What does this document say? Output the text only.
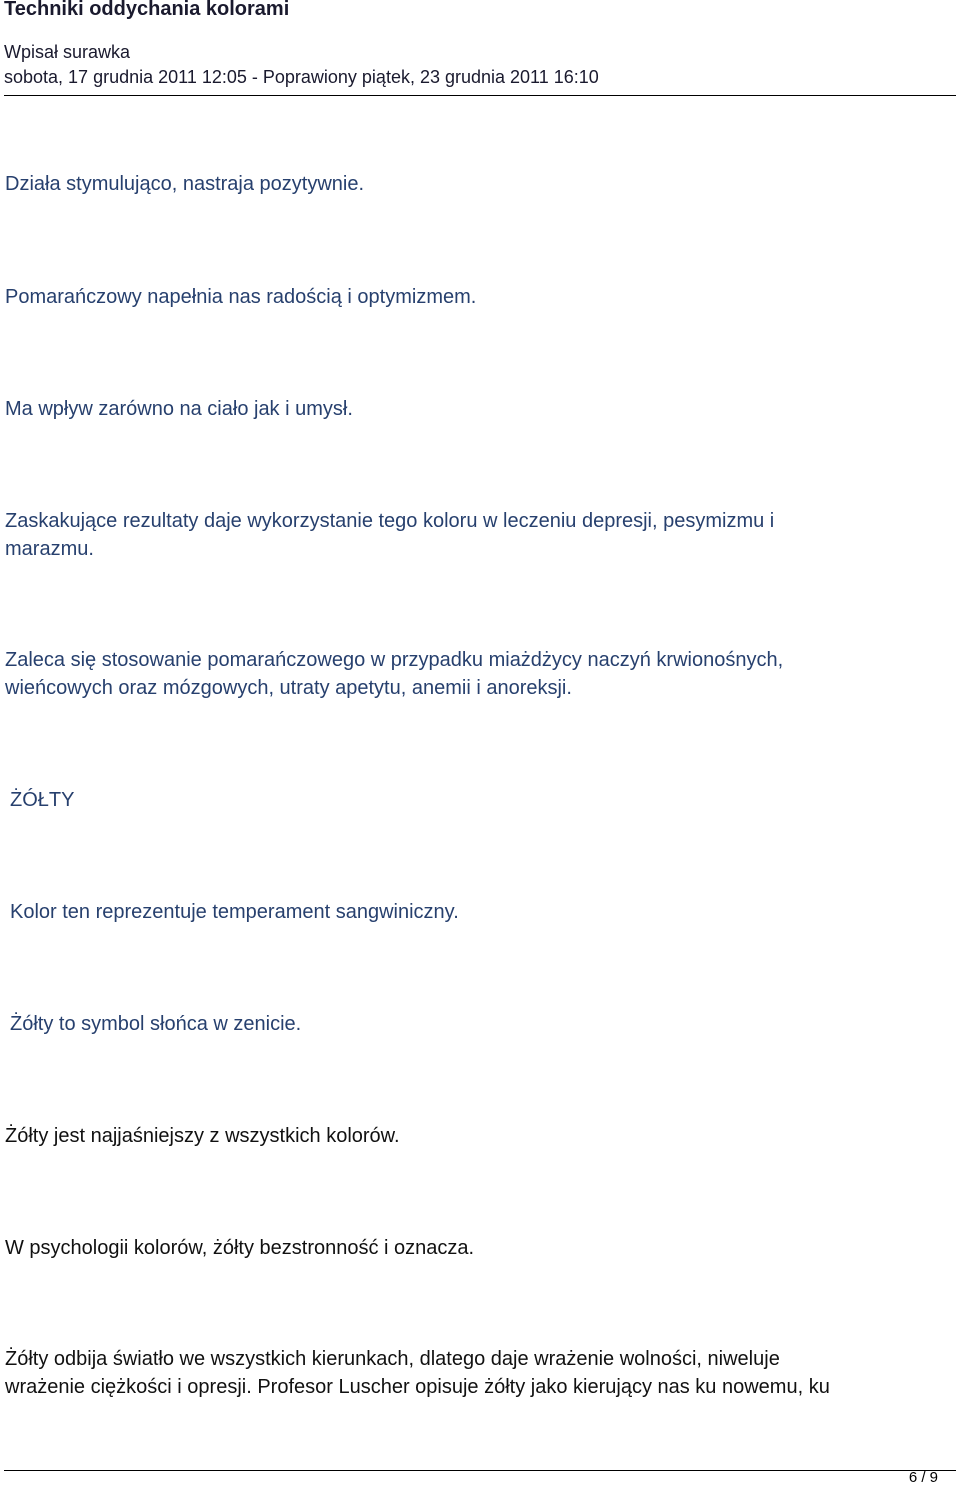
Techniki oddychania kolorami
Wpisał surawka
sobota, 17 grudnia 2011 12:05 - Poprawiony piątek, 23 grudnia 2011 16:10
Działa stymulująco, nastraja pozytywnie.
Pomarańczowy napełnia nas radością i optymizmem.
Ma wpływ zarówno na ciało jak i umysł.
Zaskakujące rezultaty daje wykorzystanie tego koloru w leczeniu depresji, pesymizmu i
marazmu.
Zaleca się stosowanie pomarańczowego w przypadku miażdżycy naczyń krwionośnych,
wieńcowych oraz mózgowych, utraty apetytu, anemii i anoreksji.
ŻÓŁTY
Kolor ten reprezentuje temperament sangwiniczny.
Żółty to symbol słońca w zenicie.
Żółty jest najjaśniejszy z wszystkich kolorów.
W psychologii kolorów, żółty bezstronność i oznacza.
Żółty odbija światło we wszystkich kierunkach, dlatego daje wrażenie wolności, niweluje
wrażenie ciężkości i opresji. Profesor Luscher opisuje żółty jako kierujący nas ku nowemu, ku
6 / 9
